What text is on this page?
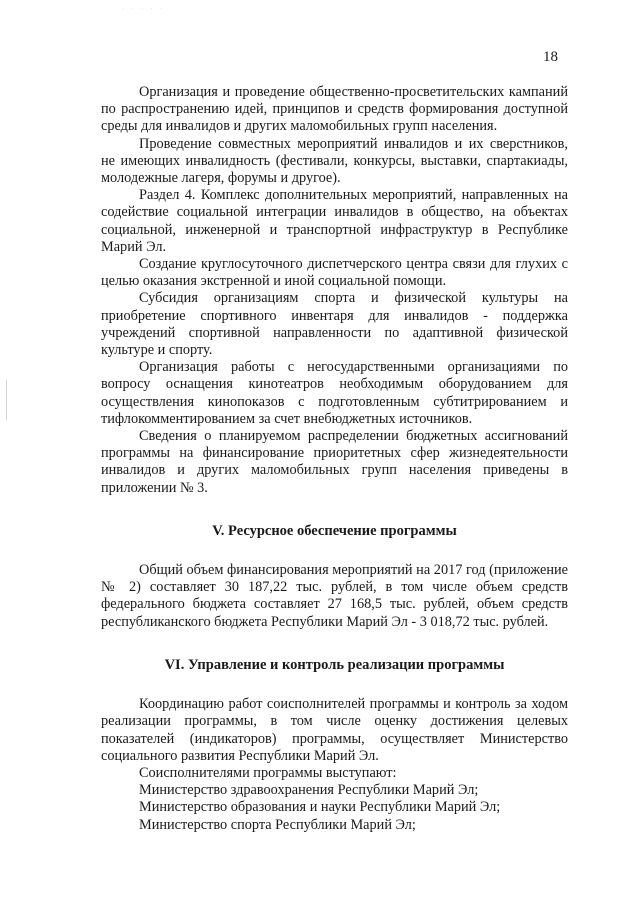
· · · · ·
18

Организация и проведение общественно-просветительских кампаний по распространению идей, принципов и средств формирования доступной среды для инвалидов и других маломобильных групп населения.

Проведение совместных мероприятий инвалидов и их сверстников, не имеющих инвалидность (фестивали, конкурсы, выставки, спартакиады, молодежные лагеря, форумы и другое).

Раздел 4. Комплекс дополнительных мероприятий, направленных на содействие социальной интеграции инвалидов в общество, на объектах социальной, инженерной и транспортной инфраструктур в Республике Марий Эл.

Создание круглосуточного диспетчерского центра связи для глухих с целью оказания экстренной и иной социальной помощи.

Субсидия организациям спорта и физической культуры на приобретение спортивного инвентаря для инвалидов - поддержка учреждений спортивной направленности по адаптивной физической культуре и спорту.

Организация работы с негосударственными организациями по вопросу оснащения кинотеатров необходимым оборудованием для осуществления кинопоказов с подготовленным субтитрированием и тифлокомментированием за счет внебюджетных источников.

Сведения о планируемом распределении бюджетных ассигнований программы на финансирование приоритетных сфер жизнедеятельности инвалидов и других маломобильных групп населения приведены в приложении № 3.

V. Ресурсное обеспечение программы

Общий объем финансирования мероприятий на 2017 год (приложение № 2) составляет 30 187,22 тыс. рублей, в том числе объем средств федерального бюджета составляет 27 168,5 тыс. рублей, объем средств республиканского бюджета Республики Марий Эл - 3 018,72 тыс. рублей.

VI. Управление и контроль реализации программы

Координацию работ соисполнителей программы и контроль за ходом реализации программы, в том числе оценку достижения целевых показателей (индикаторов) программы, осуществляет Министерство социального развития Республики Марий Эл.

Соисполнителями программы выступают:

Министерство здравоохранения Республики Марий Эл;

Министерство образования и науки Республики Марий Эл;

Министерство спорта Республики Марий Эл;
